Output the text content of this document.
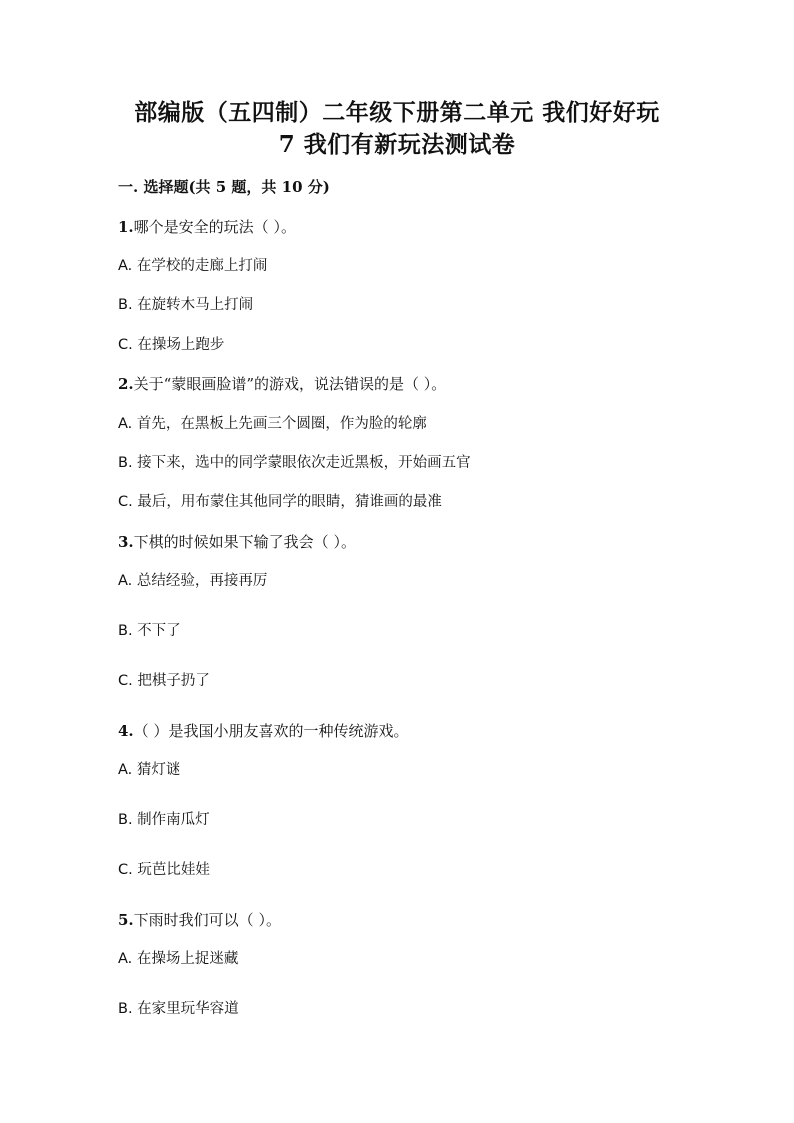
部编版（五四制）二年级下册第二单元 我们好好玩
7 我们有新玩法测试卷
一. 选择题(共 5 题，共 10 分)
1.哪个是安全的玩法（ ）。
A. 在学校的走廊上打闹
B. 在旋转木马上打闹
C. 在操场上跑步
2.关于“蒙眼画脸谱”的游戏，说法错误的是（ ）。
A. 首先，在黑板上先画三个圆圈，作为脸的轮廓
B. 接下来，选中的同学蒙眼依次走近黑板，开始画五官
C. 最后，用布蒙住其他同学的眼睛，猜谁画的最准
3.下棋的时候如果下输了我会（ ）。
A. 总结经验，再接再厉
B. 不下了
C. 把棋子扔了
4.（ ）是我国小朋友喜欢的一种传统游戏。
A. 猜灯谜
B. 制作南瓜灯
C. 玩芭比娃娃
5.下雨时我们可以（ ）。
A. 在操场上捉迷藏
B. 在家里玩华容道
